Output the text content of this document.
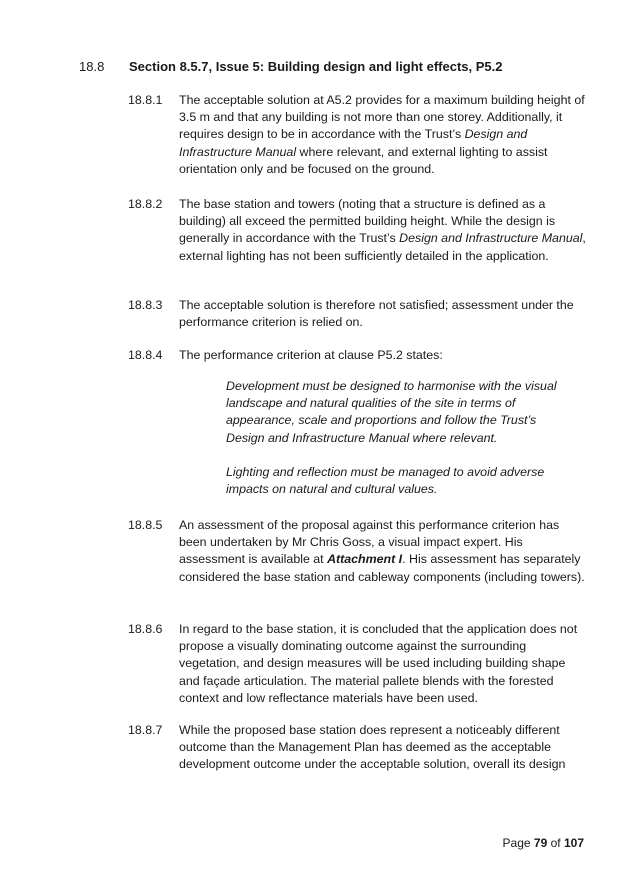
18.8 Section 8.5.7, Issue 5: Building design and light effects, P5.2
18.8.1 The acceptable solution at A5.2 provides for a maximum building height of 3.5 m and that any building is not more than one storey. Additionally, it requires design to be in accordance with the Trust’s Design and Infrastructure Manual where relevant, and external lighting to assist orientation only and be focused on the ground.
18.8.2 The base station and towers (noting that a structure is defined as a building) all exceed the permitted building height. While the design is generally in accordance with the Trust’s Design and Infrastructure Manual, external lighting has not been sufficiently detailed in the application.
18.8.3 The acceptable solution is therefore not satisfied; assessment under the performance criterion is relied on.
18.8.4 The performance criterion at clause P5.2 states:

Development must be designed to harmonise with the visual landscape and natural qualities of the site in terms of appearance, scale and proportions and follow the Trust’s Design and Infrastructure Manual where relevant.

Lighting and reflection must be managed to avoid adverse impacts on natural and cultural values.

18.8.5 An assessment of the proposal against this performance criterion has been undertaken by Mr Chris Goss, a visual impact expert. His assessment is available at Attachment I. His assessment has separately considered the base station and cableway components (including towers).
18.8.6 In regard to the base station, it is concluded that the application does not propose a visually dominating outcome against the surrounding vegetation, and design measures will be used including building shape and façade articulation. The material pallete blends with the forested context and low reflectance materials have been used.
18.8.7 While the proposed base station does represent a noticeably different outcome than the Management Plan has deemed as the acceptable development outcome under the acceptable solution, overall its design
Page 79 of 107
